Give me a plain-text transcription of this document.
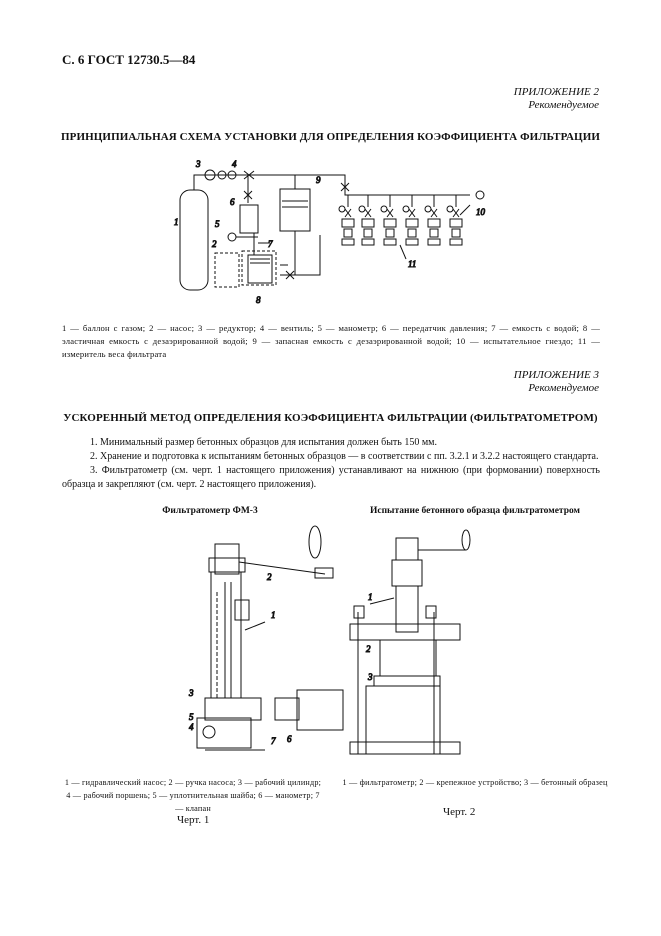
С. 6 ГОСТ 12730.5—84
ПРИЛОЖЕНИЕ 2
Рекомендуемое
ПРИНЦИПИАЛЬНАЯ СХЕМА УСТАНОВКИ ДЛЯ ОПРЕДЕЛЕНИЯ КОЭФФИЦИЕНТА ФИЛЬТРАЦИИ
1
2
3	4
5
6
7
8
9
10
11
1 — баллон с газом; 2 — насос; 3 — редуктор; 4 — вентиль; 5 — манометр; 6 — передатчик давления; 7 — емкость с водой; 8 — эластичная емкость с дезаэрированной водой; 9 — запасная емкость с дезаэрированной водой; 10 — испытательное гнездо; 11 — измеритель веса фильтрата
ПРИЛОЖЕНИЕ 3
Рекомендуемое
УСКОРЕННЫЙ МЕТОД ОПРЕДЕЛЕНИЯ КОЭФФИЦИЕНТА ФИЛЬТРАЦИИ (ФИЛЬТРАТОМЕТРОМ)
1. Минимальный размер бетонных образцов для испытания должен быть 150 мм.
2. Хранение и подготовка к испытаниям бетонных образцов — в соответствии с пп. 3.2.1 и 3.2.2 настоящего стандарта.
3. Фильтратометр (см. черт. 1 настоящего приложения) устанавливают на нижнюю (при формовании) поверхность образца и закрепляют (см. черт. 2 настоящего приложения).
Фильтратометр ФМ-3
1
2
3
4
5
6
7
1 — гидравлический насос; 2 — ручка насоса; 3 — рабочий цилиндр; 4 — рабочий поршень; 5 — уплотнительная шайба; 6 — манометр; 7 — клапан
Черт. 1
Испытание бетонного образца фильтратометром
1
2
3
1 — фильтратометр; 2 — крепежное устройство; 3 — бетонный образец
Черт. 2
